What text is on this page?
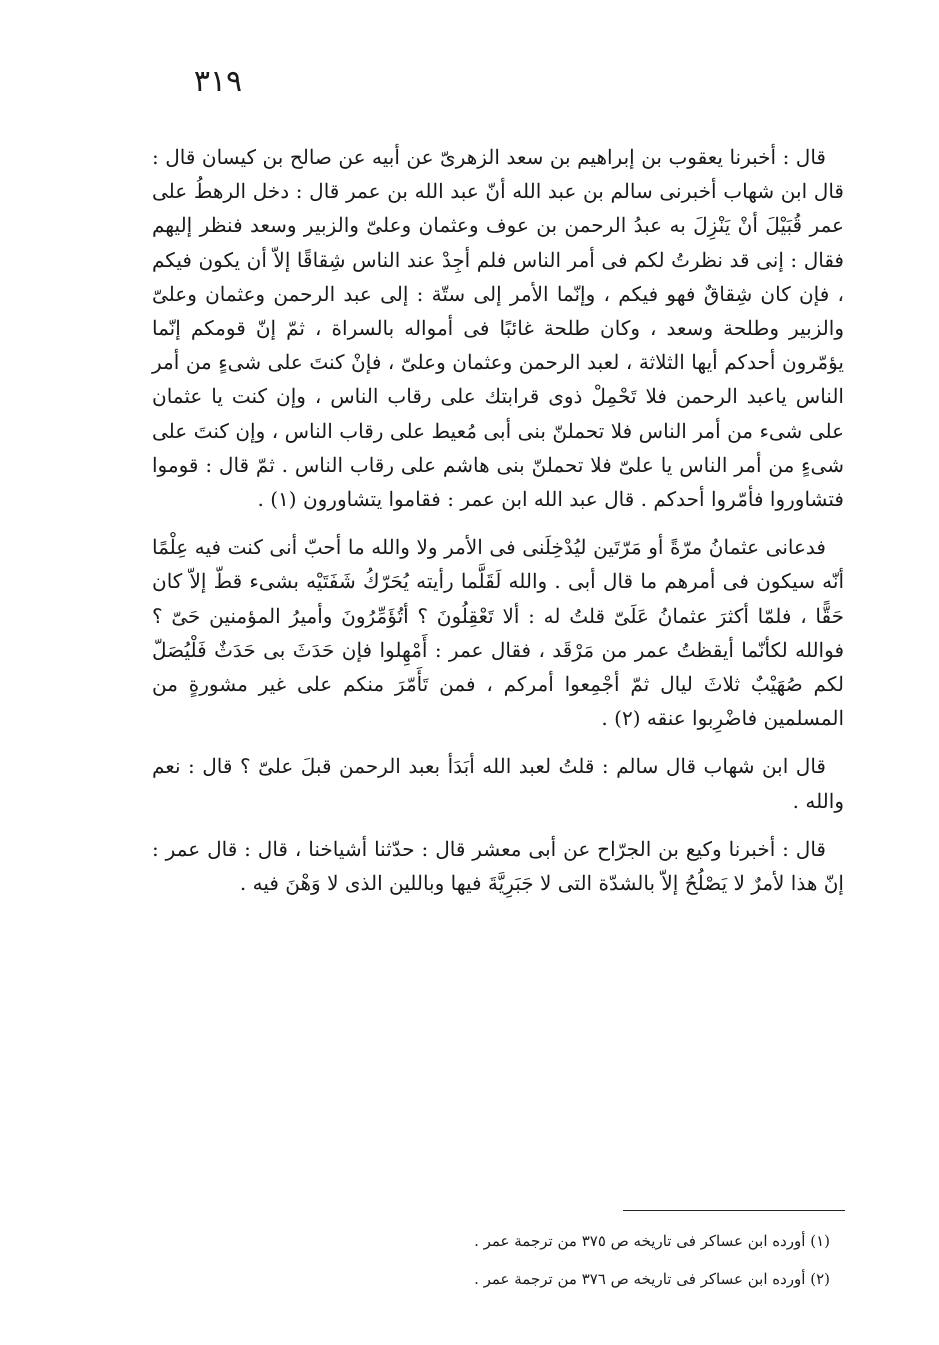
٣١٩

قال : أخبرنا يعقوب بن إبراهيم بن سعد الزهرىّ عن أبيه عن صالح بن كيسان قال : قال ابن شهاب أخبرنى سالم بن عبد الله أنّ عبد الله بن عمر قال : دخل الرهطُ على عمر قُبَيْلَ أنْ يَنْزِلَ به عبدُ الرحمن بن عوف وعثمان وعلىّ والزبير وسعد فنظر إليهم فقال : إنى قد نظرتُ لكم فى أمر الناس فلم أجِدْ عند الناس شِقاقًا إلاّ أن يكون فيكم ، فإن كان شِقاقٌ فهو فيكم ، وإنّما الأمر إلى ستّة : إلى عبد الرحمن وعثمان وعلىّ والزبير وطلحة وسعد ، وكان طلحة غائبًا فى أمواله بالسراة ، ثمّ إنّ قومكم إنّما يؤمّرون أحدكم أيها الثلاثة ، لعبد الرحمن وعثمان وعلىّ ، فإنْ كنتَ على شىءٍ من أمر الناس ياعبد الرحمن فلا تَحْمِلْ ذوى قرابتك على رقاب الناس ، وإن كنت يا عثمان على شىء من أمر الناس فلا تحملنّ بنى أبى مُعيط على رقاب الناس ، وإن كنتَ على شىءٍ من أمر الناس يا علىّ فلا تحملنّ بنى هاشم على رقاب الناس . ثمّ قال : قوموا فتشاوروا فأمّروا أحدكم . قال عبد الله ابن عمر : فقاموا يتشاورون (١) .

فدعانى عثمانُ مرّةً أو مَرّتَين ليُدْخِلَنى فى الأمر ولا والله ما أحبّ أنى كنت فيه عِلْمًا أنّه سيكون فى أمرهم ما قال أبى . والله لَقَلَّما رأيته يُحَرّكُ شَفَتَيْه بشىء قطّ إلاّ كان حَقًّا ، فلمّا أكثرَ عثمانُ عَلَىّ قلتُ له : ألا تَعْقِلُونَ ؟ أتُؤَمِّرُونَ وأميرُ المؤمنين حَىّ ؟ فوالله لكأنّما أيقظتُ عمر من مَرْقَد ، فقال عمر : أَمْهِلوا فإن حَدَثَ بى حَدَثٌ فَلْيُصَلّ لكم صُهَيْبٌ ثلاثَ ليال ثمّ أجْمِعوا أمركم ، فمن تَأَمّرَ منكم على غير مشورةٍ من المسلمين فاضْرِبوا عنقه (٢) .

قال ابن شهاب قال سالم : قلتُ لعبد الله أبَدَأ بعبد الرحمن قبلَ علىّ ؟ قال : نعم والله .

قال : أخبرنا وكيع بن الجرّاح عن أبى معشر قال : حدّثنا أشياخنا ، قال : قال عمر : إنّ هذا لأمرٌ لا يَصْلُحُ إلاّ بالشدّة التى لا جَبَرِيَّةَ فيها وباللين الذى لا وَهْنَ فيه .

(١) أورده ابن عساكر فى تاريخه ص ٣٧٥ من ترجمة عمر .

(٢) أورده ابن عساكر فى تاريخه ص ٣٧٦ من ترجمة عمر .
